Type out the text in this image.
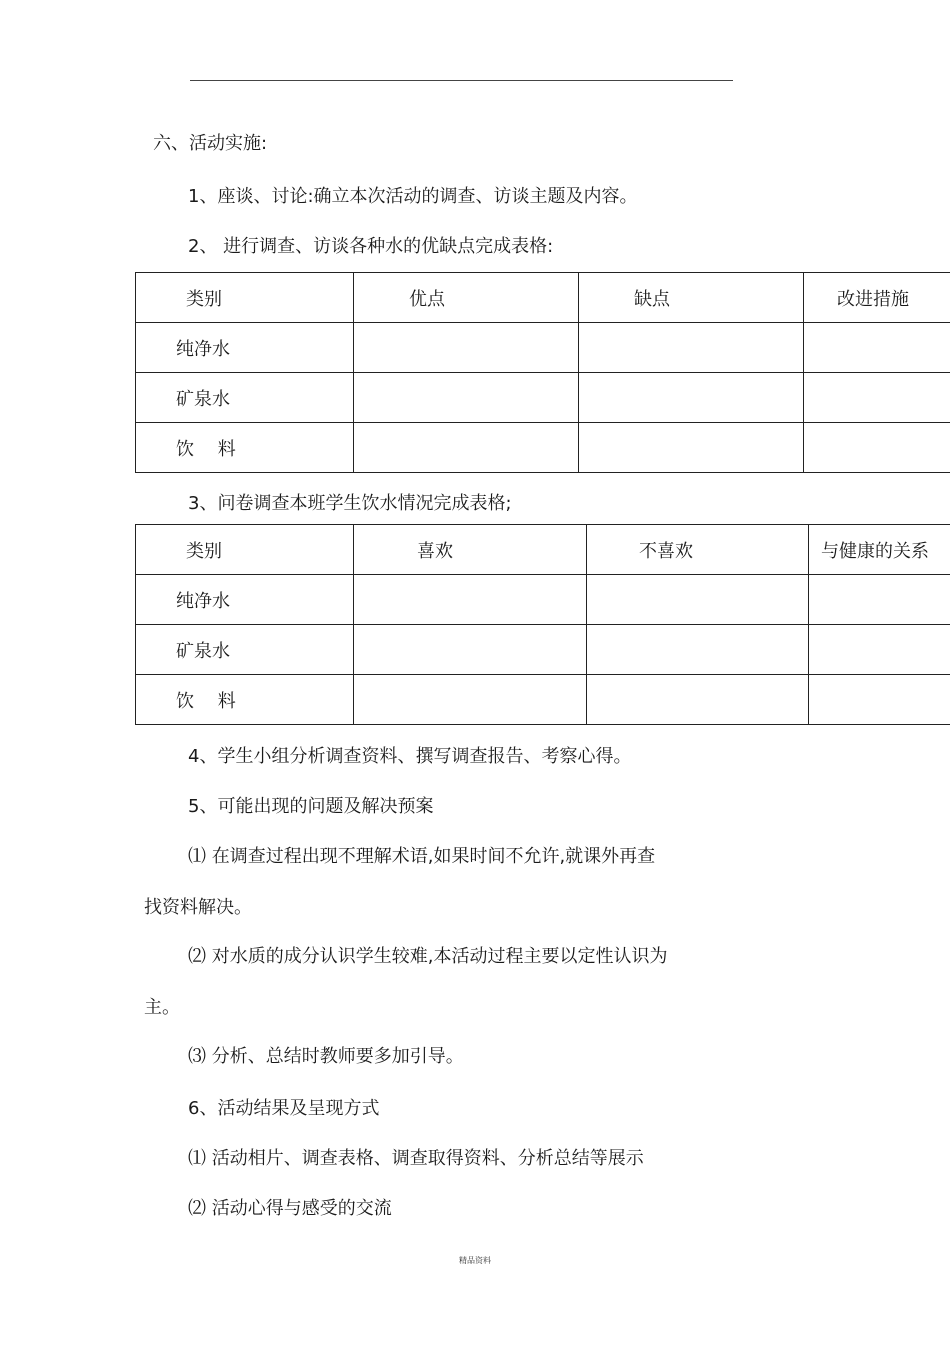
六、活动实施:
1、座谈、讨论:确立本次活动的调查、访谈主题及内容。
2、 进行调查、访谈各种水的优缺点完成表格:
类别	优点	缺点	改进措施
纯净水			
矿泉水			
饮 料			
3、问卷调查本班学生饮水情况完成表格;
类别	喜欢	不喜欢	与健康的关系
纯净水			
矿泉水			
饮 料			
4、学生小组分析调查资料、撰写调查报告、考察心得。
5、可能出现的问题及解决预案
⑴ 在调查过程出现不理解术语,如果时间不允许,就课外再查
找资料解决。
⑵ 对水质的成分认识学生较难,本活动过程主要以定性认识为
主。
⑶ 分析、总结时教师要多加引导。
6、活动结果及呈现方式
⑴ 活动相片、调查表格、调查取得资料、分析总结等展示
⑵ 活动心得与感受的交流
精品资料
